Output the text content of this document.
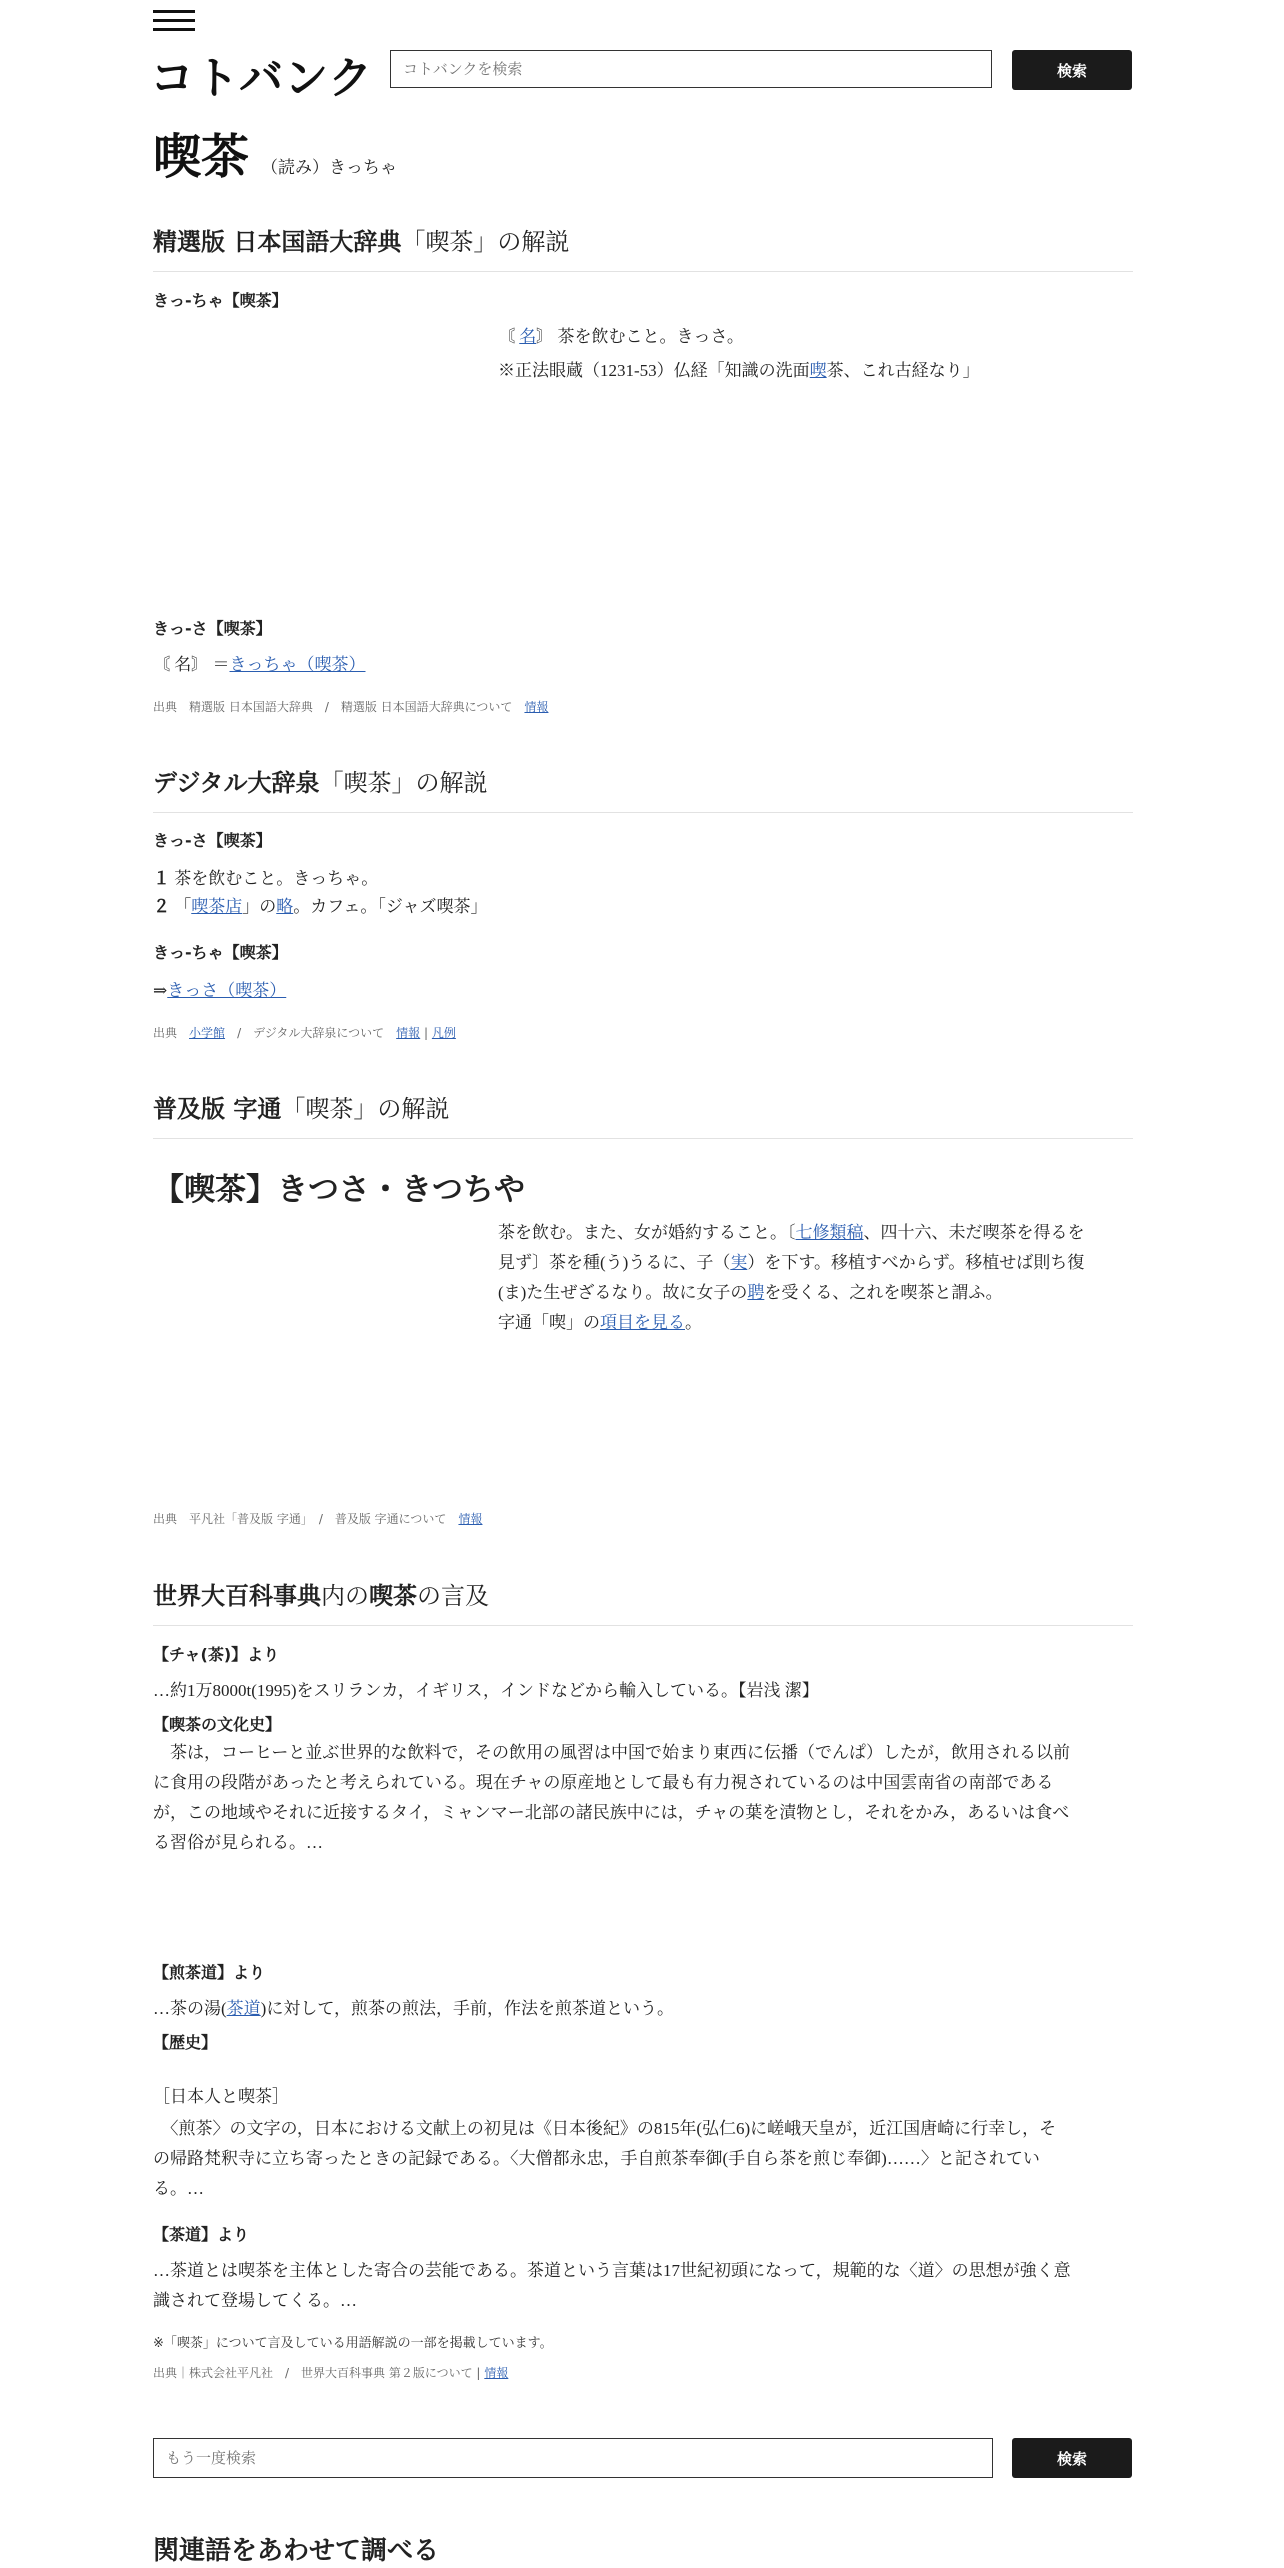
コトバンク
コトバンクを検索	検索
喫茶 （読み）きっちゃ
精選版 日本国語大辞典「喫茶」の解説
きっ‐ちゃ【喫茶】
〘 名〙 茶を飲むこと。きっさ。
※正法眼蔵（1231‐53）仏経「知識の洗面喫茶、これ古経なり」
きっ‐さ【喫茶】
〘 名〙 ＝きっちゃ（喫茶）
出典　精選版 日本国語大辞典　/　精選版 日本国語大辞典について　 情報
デジタル大辞泉「喫茶」の解説
きっ‐さ【喫茶】
１ 茶を飲むこと。きっちゃ。
２ 「喫茶店」の略。カフェ。「ジャズ喫茶」
きっ‐ちゃ【喫茶】
⇒きっさ（喫茶）
出典　 小学館　 /　デジタル大辞泉について　 情報 | 凡例
普及版 字通「喫茶」の解説
【喫茶】きつさ・きつちや
茶を飲む。また、女が婚約すること。〔七修類稿、四十六、未だ喫茶を得るを
見ず〕茶を種(う)うるに、子（実）を下す。移植すべからず。移植せば則ち復
(ま)た生ぜざるなり。故に女子の聘を受くる、之れを喫茶と謂ふ。
字通「喫」の項目を見る。
出典　平凡社「普及版 字通」　/　普及版 字通について　 情報
世界大百科事典内の喫茶の言及
【チャ(茶)】より
…約1万8000t(1995)をスリランカ，イギリス，インドなどから輸入している。【岩浅 潔】
【喫茶の文化史】
　茶は，コーヒーと並ぶ世界的な飲料で，その飲用の風習は中国で始まり東西に伝播（でんぱ）したが，飲用される以前
に食用の段階があったと考えられている。現在チャの原産地として最も有力視されているのは中国雲南省の南部である
が，この地域やそれに近接するタイ，ミャンマー北部の諸民族中には，チャの葉を漬物とし，それをかみ，あるいは食べ
る習俗が見られる。…
【煎茶道】より
…茶の湯(茶道)に対して，煎茶の煎法，手前，作法を煎茶道という。
【歴史】
［日本人と喫茶］
　〈煎茶〉の文字の，日本における文献上の初見は《日本後紀》の815年(弘仁6)に嵯峨天皇が，近江国唐崎に行幸し，そ
の帰路梵釈寺に立ち寄ったときの記録である。〈大僧都永忠，手自煎茶奉御(手自ら茶を煎じ奉御)……〉と記されてい
る。…
【茶道】より
…茶道とは喫茶を主体とした寄合の芸能である。茶道という言葉は17世紀初頭になって，規範的な〈道〉の思想が強く意
識されて登場してくる。…
※「喫茶」について言及している用語解説の一部を掲載しています。
出典｜株式会社平凡社　/　世界大百科事典 第２版について | 情報
もう一度検索
検索
関連語をあわせて調べる
